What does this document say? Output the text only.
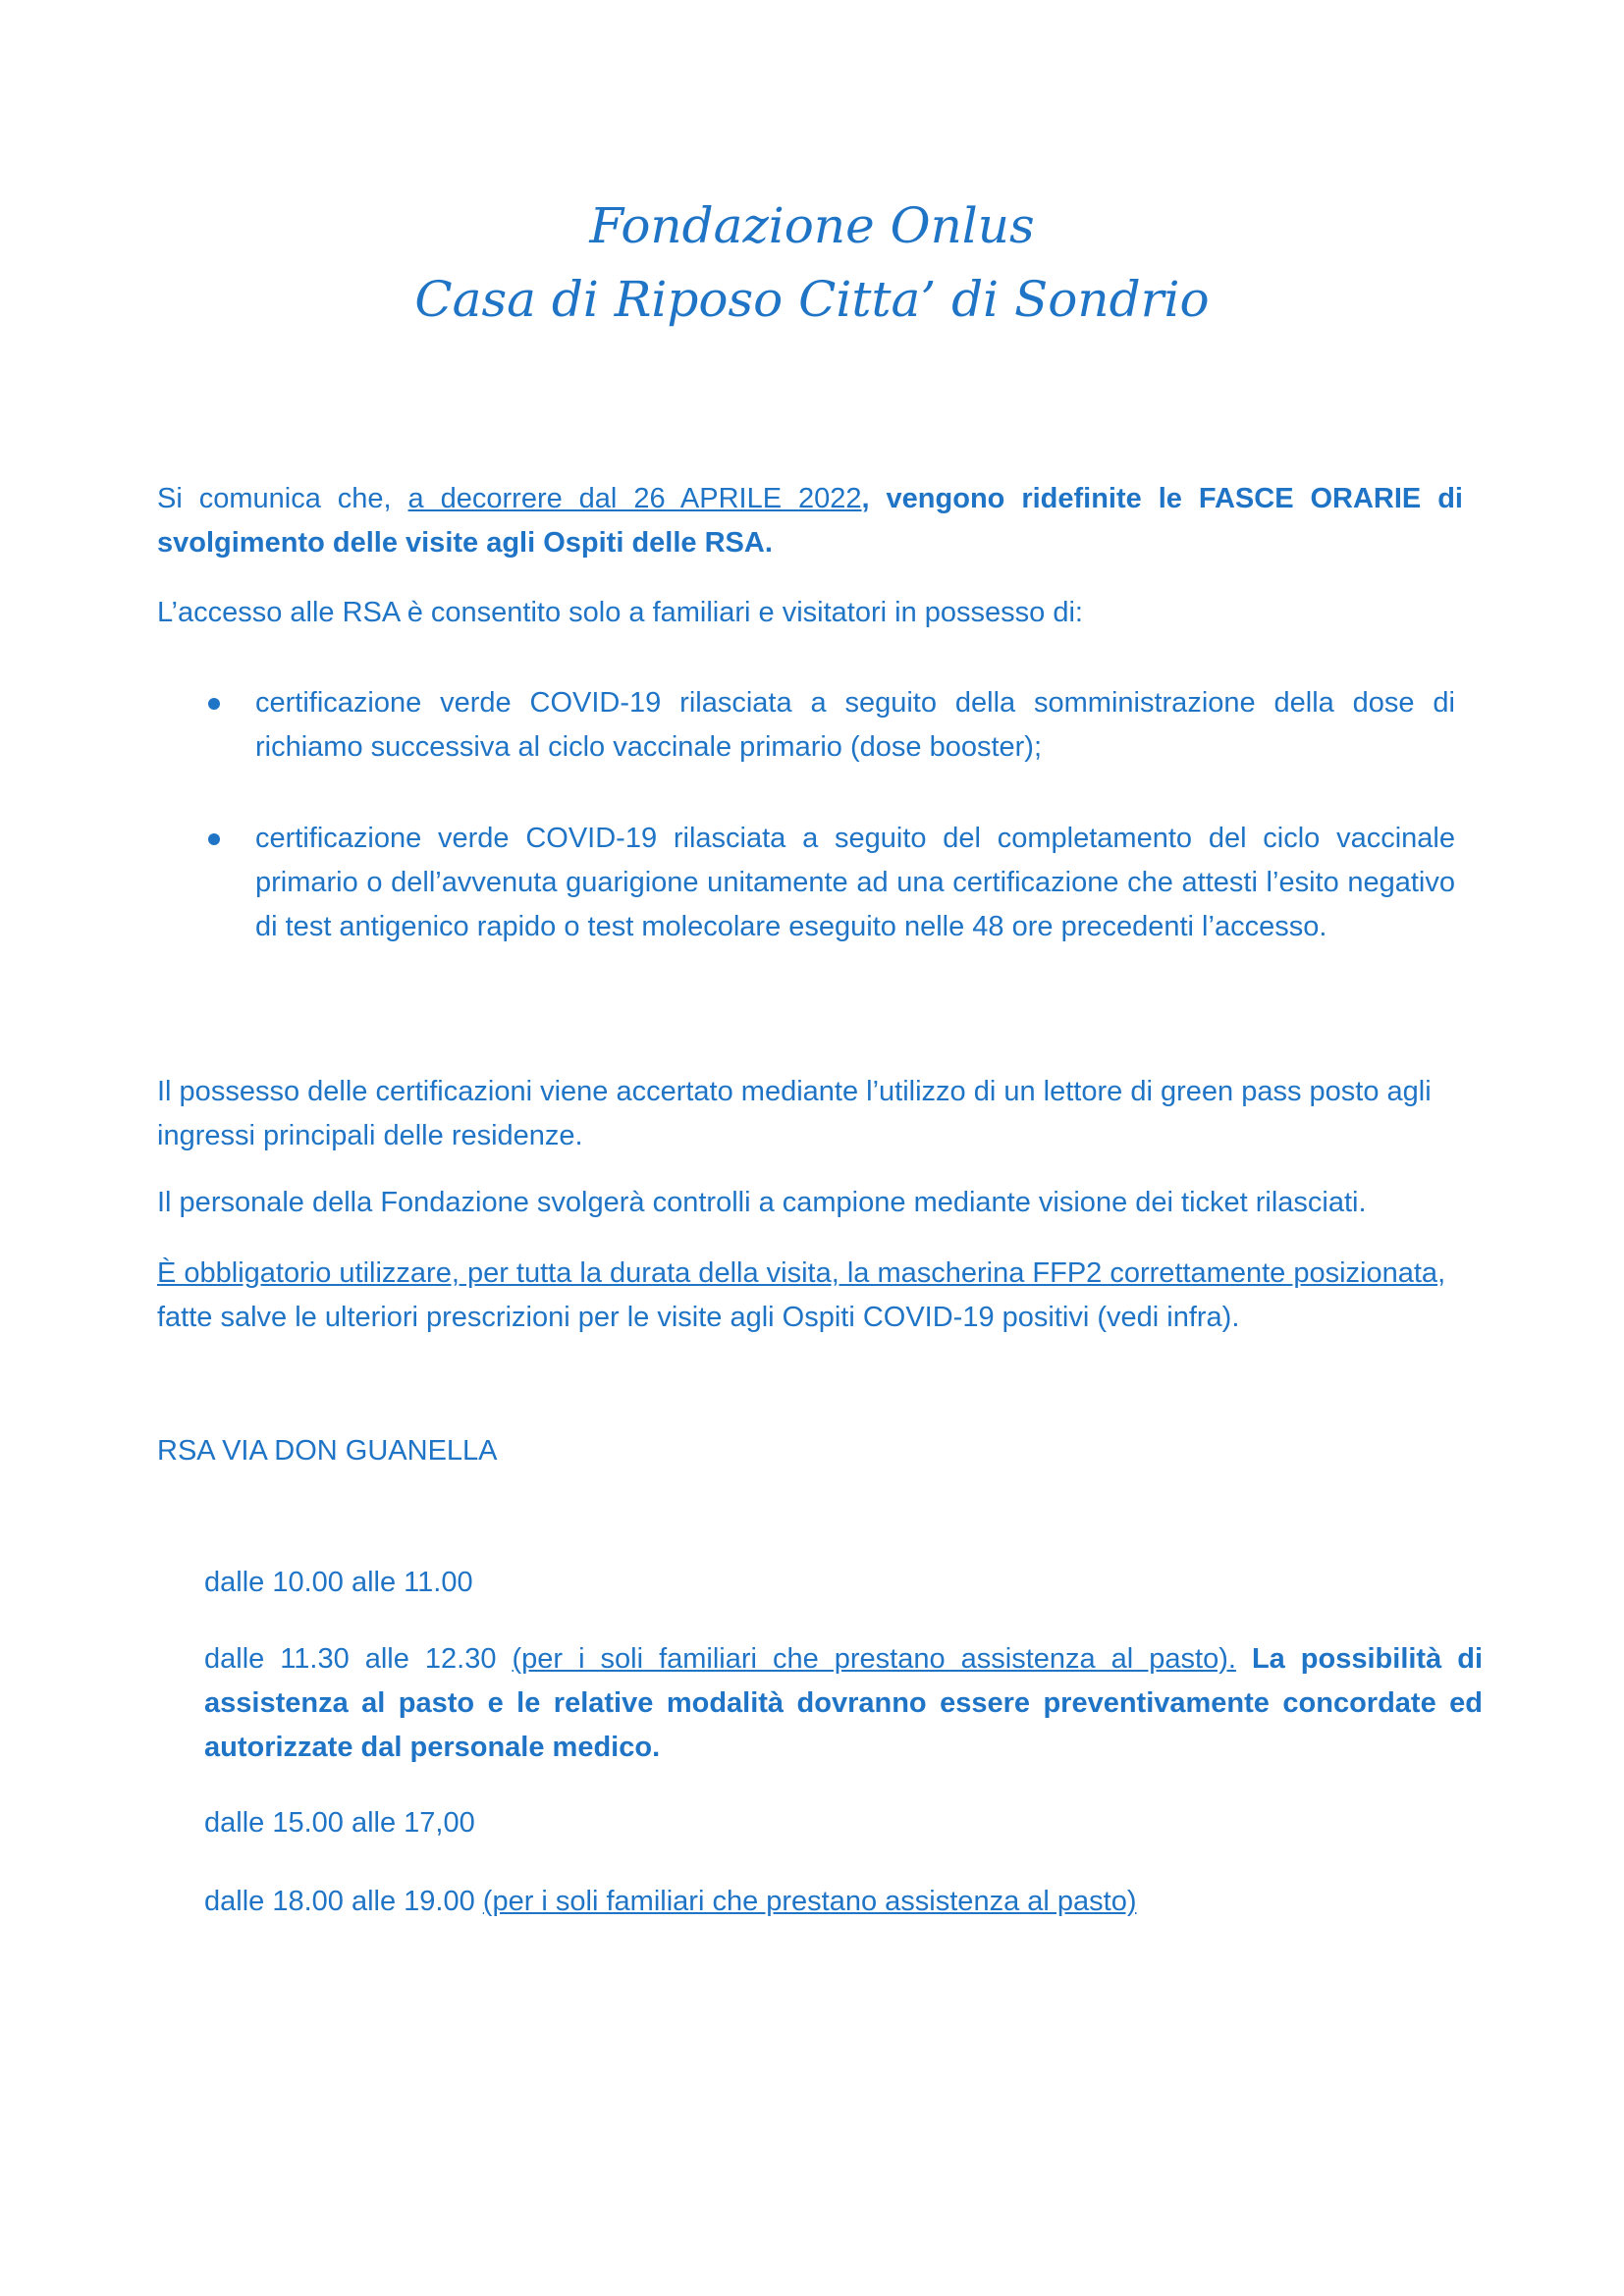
Fondazione Onlus
Casa di Riposo Citta’ di Sondrio

Si comunica che, a decorrere dal 26 APRILE 2022, vengono ridefinite le FASCE ORARIE di svolgimento delle visite agli Ospiti delle RSA.

L’accesso alle RSA è consentito solo a familiari e visitatori in possesso di:

certificazione verde COVID-19 rilasciata a seguito della somministrazione della dose di richiamo successiva al ciclo vaccinale primario (dose booster);

certificazione verde COVID-19 rilasciata a seguito del completamento del ciclo vaccinale primario o dell’avvenuta guarigione unitamente ad una certificazione che attesti l’esito negativo di test antigenico rapido o test molecolare eseguito nelle 48 ore precedenti l’accesso.

Il possesso delle certificazioni viene accertato mediante l’utilizzo di un lettore di green pass posto agli ingressi principali delle residenze.

Il personale della Fondazione svolgerà controlli a campione mediante visione dei ticket rilasciati.

È obbligatorio utilizzare, per tutta la durata della visita, la mascherina FFP2 correttamente posizionata, fatte salve le ulteriori prescrizioni per le visite agli Ospiti COVID-19 positivi (vedi infra).

RSA VIA DON GUANELLA

dalle 10.00 alle 11.00

dalle 11.30 alle 12.30 (per i soli familiari che prestano assistenza al pasto). La possibilità di assistenza al pasto e le relative modalità dovranno essere preventivamente concordate ed autorizzate dal personale medico.

dalle 15.00 alle 17,00

dalle 18.00 alle 19.00 (per i soli familiari che prestano assistenza al pasto)
